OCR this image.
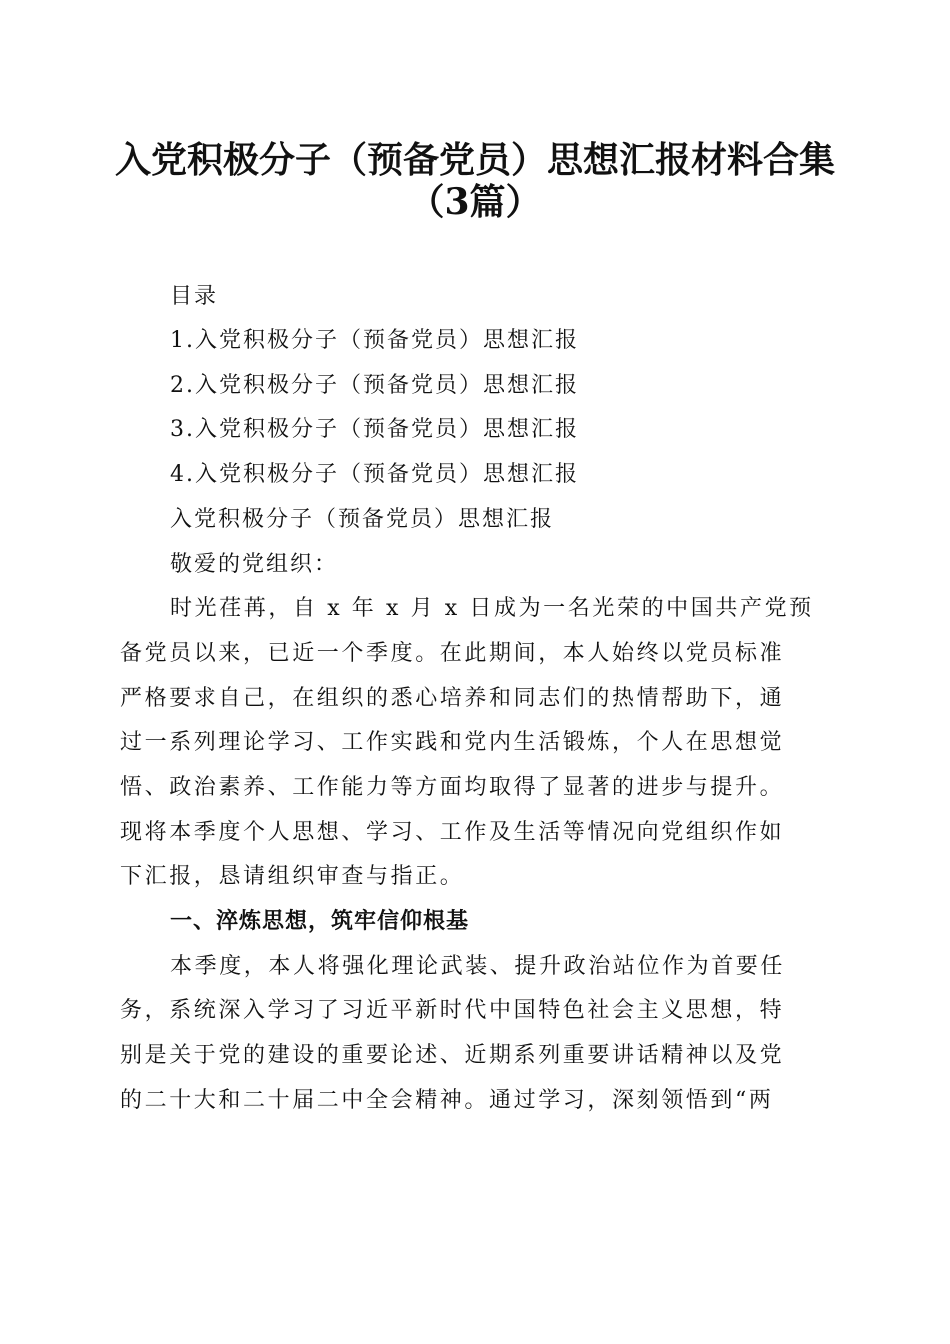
入党积极分子（预备党员）思想汇报材料合集
（3篇）
目录
1.入党积极分子（预备党员）思想汇报
2.入党积极分子（预备党员）思想汇报
3.入党积极分子（预备党员）思想汇报
4.入党积极分子（预备党员）思想汇报
入党积极分子（预备党员）思想汇报
敬爱的党组织：
时光荏苒，自 x 年 x 月 x 日成为一名光荣的中国共产党预
备党员以来，已近一个季度。在此期间，本人始终以党员标准
严格要求自己，在组织的悉心培养和同志们的热情帮助下，通
过一系列理论学习、工作实践和党内生活锻炼，个人在思想觉
悟、政治素养、工作能力等方面均取得了显著的进步与提升。
现将本季度个人思想、学习、工作及生活等情况向党组织作如
下汇报，恳请组织审查与指正。
一、淬炼思想，筑牢信仰根基
本季度，本人将强化理论武装、提升政治站位作为首要任
务，系统深入学习了习近平新时代中国特色社会主义思想，特
别是关于党的建设的重要论述、近期系列重要讲话精神以及党
的二十大和二十届二中全会精神。通过学习，深刻领悟到“两
